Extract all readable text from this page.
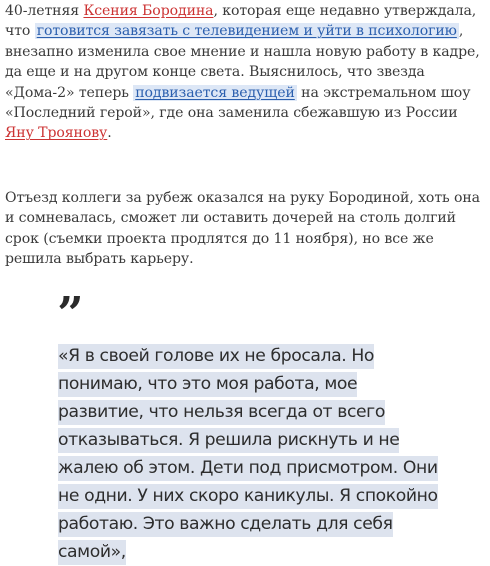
40-летняя Ксения Бородина, которая еще недавно утверждала, что готовится завязать с телевидением и уйти в психологию , внезапно изменила свое мнение и нашла новую работу в кадре, да еще и на другом конце света. Выяснилось, что звезда «Дома-2» теперь подвизается ведущей на экстремальном шоу «Последний герой», где она заменила сбежавшую из России Яну Троянову.

Отъезд коллеги за рубеж оказался на руку Бородиной, хоть она и сомневалась, сможет ли оставить дочерей на столь долгий срок (съемки проекта продлятся до 11 ноября), но все же решила выбрать карьеру.

„

«Я в своей голове их не бросала. Но понимаю, что это моя работа, мое развитие, что нельзя всегда от всего отказываться. Я решила рискнуть и не жалею об этом. Дети под присмотром. Они не одни. У них скоро каникулы. Я спокойно работаю. Это важно сделать для себя самой»,
